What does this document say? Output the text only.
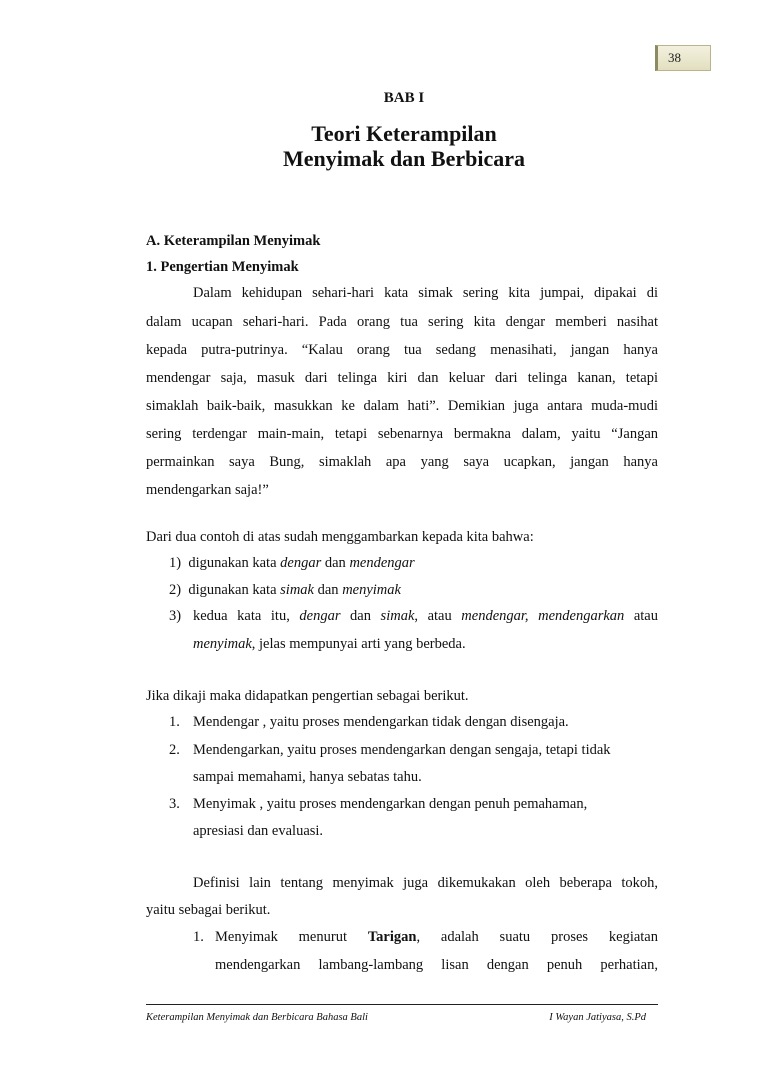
38
BAB I
Teori Keterampilan
Menyimak dan Berbicara
A. Keterampilan Menyimak
1. Pengertian Menyimak
Dalam kehidupan sehari-hari kata simak sering kita jumpai, dipakai di
dalam ucapan sehari-hari. Pada orang tua sering kita dengar memberi nasihat
kepada putra-putrinya. “Kalau orang tua sedang menasihati, jangan hanya
mendengar saja, masuk dari telinga kiri dan keluar dari telinga kanan, tetapi
simaklah baik-baik, masukkan ke dalam hati”. Demikian juga antara muda-mudi
sering terdengar main-main, tetapi sebenarnya bermakna dalam, yaitu “Jangan
permainkan saya Bung, simaklah apa yang saya ucapkan, jangan hanya
mendengarkan saja!”
Dari dua contoh di atas sudah menggambarkan kepada kita bahwa:
1) digunakan kata dengar dan mendengar
2) digunakan kata simak dan menyimak
3) kedua kata itu, dengar dan simak, atau mendengar, mendengarkan atau
menyimak, jelas mempunyai arti yang berbeda.
Jika dikaji maka didapatkan pengertian sebagai berikut.
1. Mendengar , yaitu proses mendengarkan tidak dengan disengaja.
2. Mendengarkan, yaitu proses mendengarkan dengan sengaja, tetapi tidak
sampai memahami, hanya sebatas tahu.
3. Menyimak , yaitu proses mendengarkan dengan penuh pemahaman,
apresiasi dan evaluasi.
Definisi lain tentang menyimak juga dikemukakan oleh beberapa tokoh,
yaitu sebagai berikut.
1. Menyimak menurut Tarigan, adalah suatu proses kegiatan
mendengarkan lambang-lambang lisan dengan penuh perhatian,
Keterampilan Menyimak dan Berbicara Bahasa Bali	I Wayan Jatiyasa, S.Pd
